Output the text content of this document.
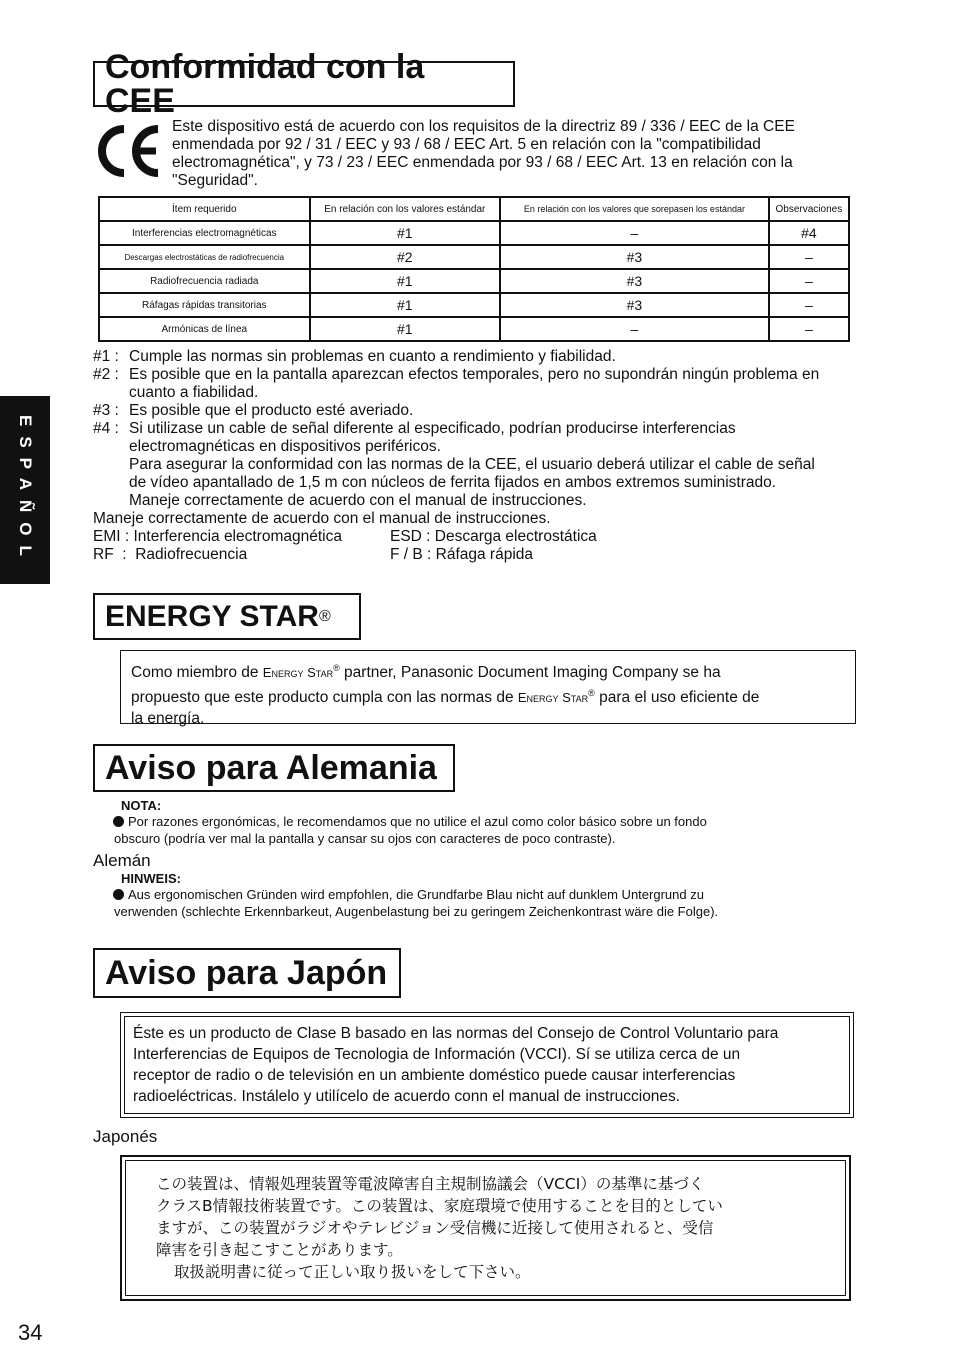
ESPAÑOL
Conformidad con la CEE
Este dispositivo está de acuerdo con los requisitos de la directriz 89 / 336 / EEC de la CEE
enmendada por 92 / 31 / EEC y 93 / 68 / EEC Art. 5 en relación con la "compatibilidad
electromagnética", y 73 / 23 / EEC enmendada por 93 / 68 / EEC Art. 13 en relación con la
"Seguridad".
Ítem requerido	En relación con los valores estándar	En relación con los valores que sorepasen los estándar	Observaciones
Interferencias electromagnéticas	#1	–	#4
Descargas electrostáticas de radiofrecuencia	#2	#3	–
Radiofrecuencia radiada	#1	#3	–
Ráfagas rápidas transitorias	#1	#3	–
Armónicas de línea	#1	–	–
#1 : Cumple las normas sin problemas en cuanto a rendimiento y fiabilidad.
#2 : Es posible que en la pantalla aparezcan efectos temporales, pero no supondrán ningún problema en
cuanto a fiabilidad.
#3 : Es posible que el producto esté averiado.
#4 : Si utilizase un cable de señal diferente al especificado, podrían producirse interferencias
electromagnéticas en dispositivos periféricos.
Para asegurar la conformidad con las normas de la CEE, el usuario deberá utilizar el cable de señal
de vídeo apantallado de 1,5 m con núcleos de ferrita fijados en ambos extremos suministrado.
Maneje correctamente de acuerdo con el manual de instrucciones.
Maneje correctamente de acuerdo con el manual de instrucciones.
EMI : Interferencia electromagnética	ESD : Descarga electrostática
RF  :  Radiofrecuencia	F / B : Ráfaga rápida
ENERGY STAR ®
Como miembro de Energy Star® partner, Panasonic Document Imaging Company se ha
propuesto que este producto cumpla con las normas de Energy Star® para el uso eficiente de
la energía.
Aviso para Alemania
NOTA:
Por razones ergonómicas, le recomendamos que no utilice el azul como color básico sobre un fondo
obscuro (podría ver mal la pantalla y cansar su ojos con caracteres de poco contraste).
Alemán
HINWEIS:
Aus ergonomischen Gründen wird empfohlen, die Grundfarbe Blau nicht auf dunklem Untergrund zu
verwenden (schlechte Erkennbarkeut, Augenbelastung bei zu geringem Zeichenkontrast wäre die Folge).
Aviso para Japón
Éste es un producto de Clase B basado en las normas del Consejo de Control Voluntario para
Interferencias de Equipos de Tecnologia de Información (VCCI). Sí se utiliza cerca de un
receptor de radio o de televisión en un ambiente doméstico puede causar interferencias
radioeléctricas. Instálelo y utilícelo de acuerdo conn el manual de instrucciones.
Japonés
この装置は、情報処理装置等電波障害自主規制協議会（VCCI）の基準に基づく
クラスB情報技術装置です。この装置は、家庭環境で使用することを目的としてい
ますが、この装置がラジオやテレビジョン受信機に近接して使用されると、受信
障害を引き起こすことがあります。
取扱説明書に従って正しい取り扱いをして下さい。
34
